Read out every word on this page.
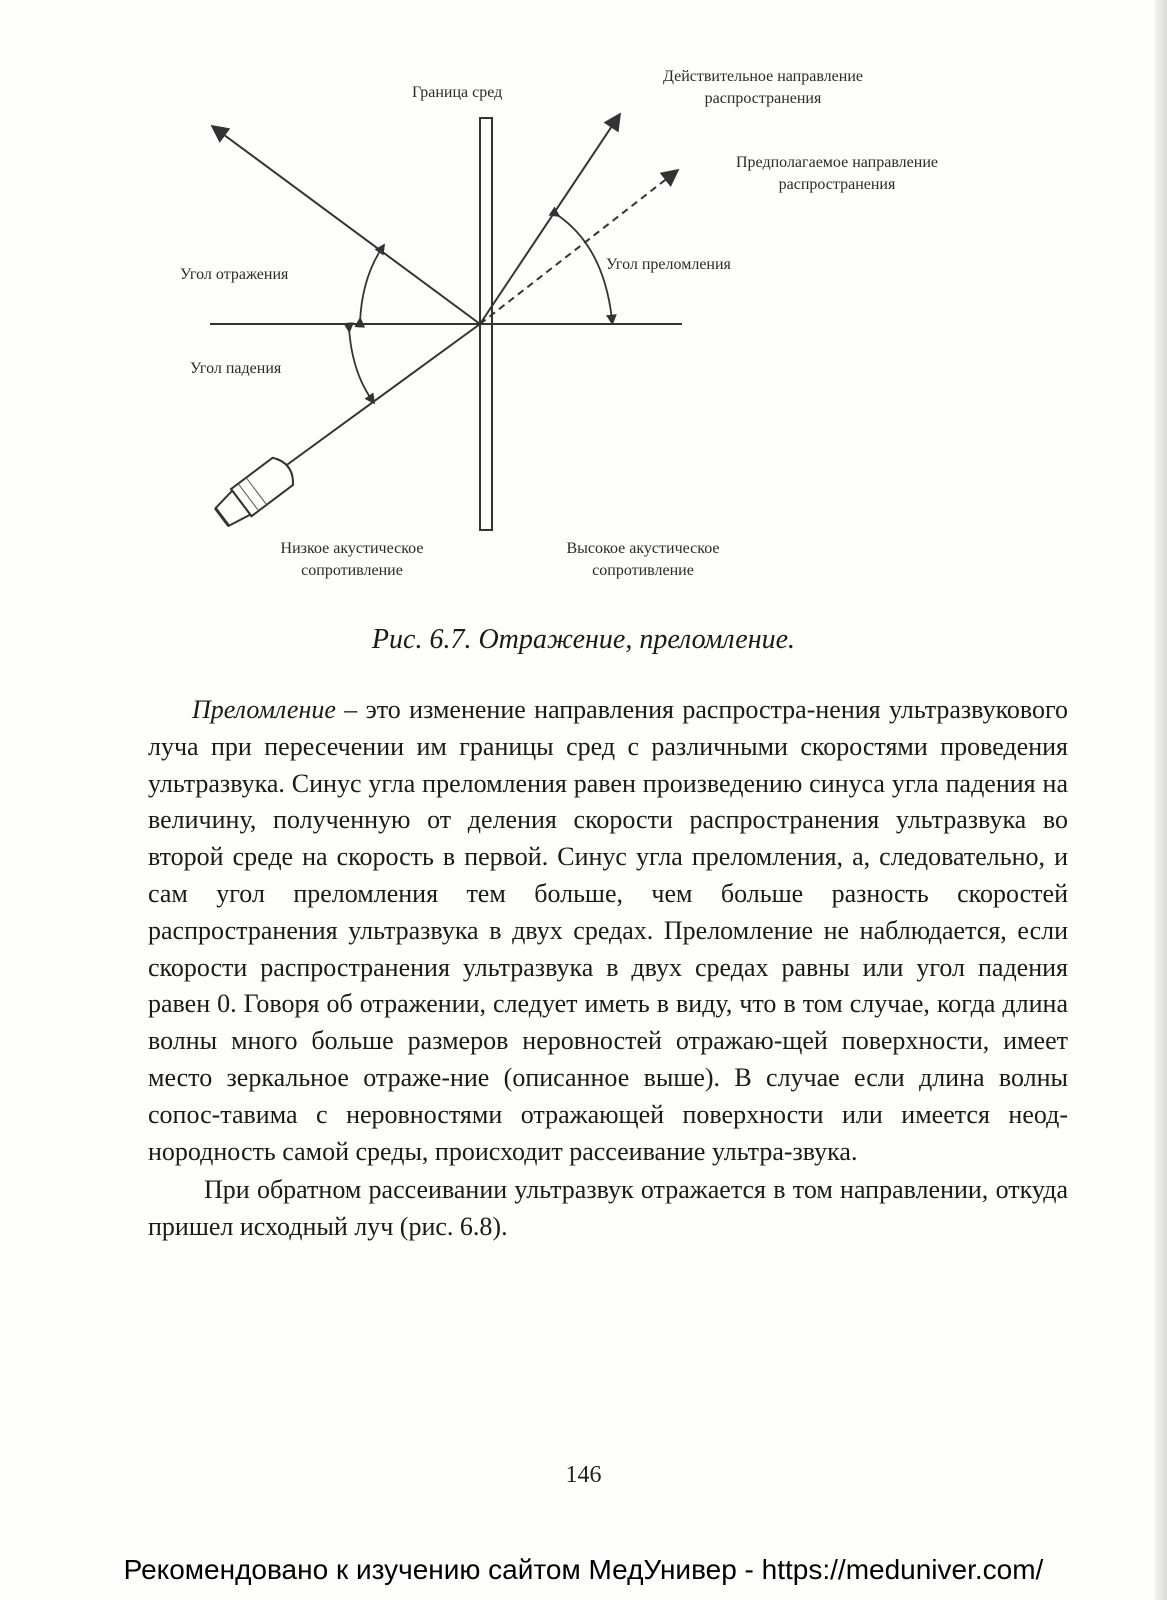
Граница сред
Действительное направление
распространения
Предполагаемое направление
распространения
Угол отражения
Угол преломления
Угол падения
Низкое акустическое
сопротивление
Высокое акустическое
сопротивление
Рис. 6.7. Отражение, преломление.

Преломление – это изменение направления распростра-нения ультразвукового луча при пересечении им границы сред с различными скоростями проведения ультразвука. Синус угла преломления равен произведению синуса угла падения на величину, полученную от деления скорости распространения ультразвука во второй среде на скорость в первой. Синус угла преломления, а, следовательно, и сам угол преломления тем больше, чем больше разность скоростей распространения ультразвука в двух средах. Преломление не наблюдается, если скорости распространения ультразвука в двух средах равны или угол падения равен 0. Говоря об отражении, следует иметь в виду, что в том случае, когда длина волны много больше размеров неровностей отражаю-щей поверхности, имеет место зеркальное отраже-ние (описанное выше). В случае если длина волны сопос-тавима с неровностями отражающей поверхности или имеется неод-нородность самой среды, происходит рассеивание ультра-звука.

При обратном рассеивании ультразвук отражается в том направлении, откуда пришел исходный луч (рис. 6.8).

146
Рекомендовано к изучению сайтом МедУнивер - https://meduniver.com/
